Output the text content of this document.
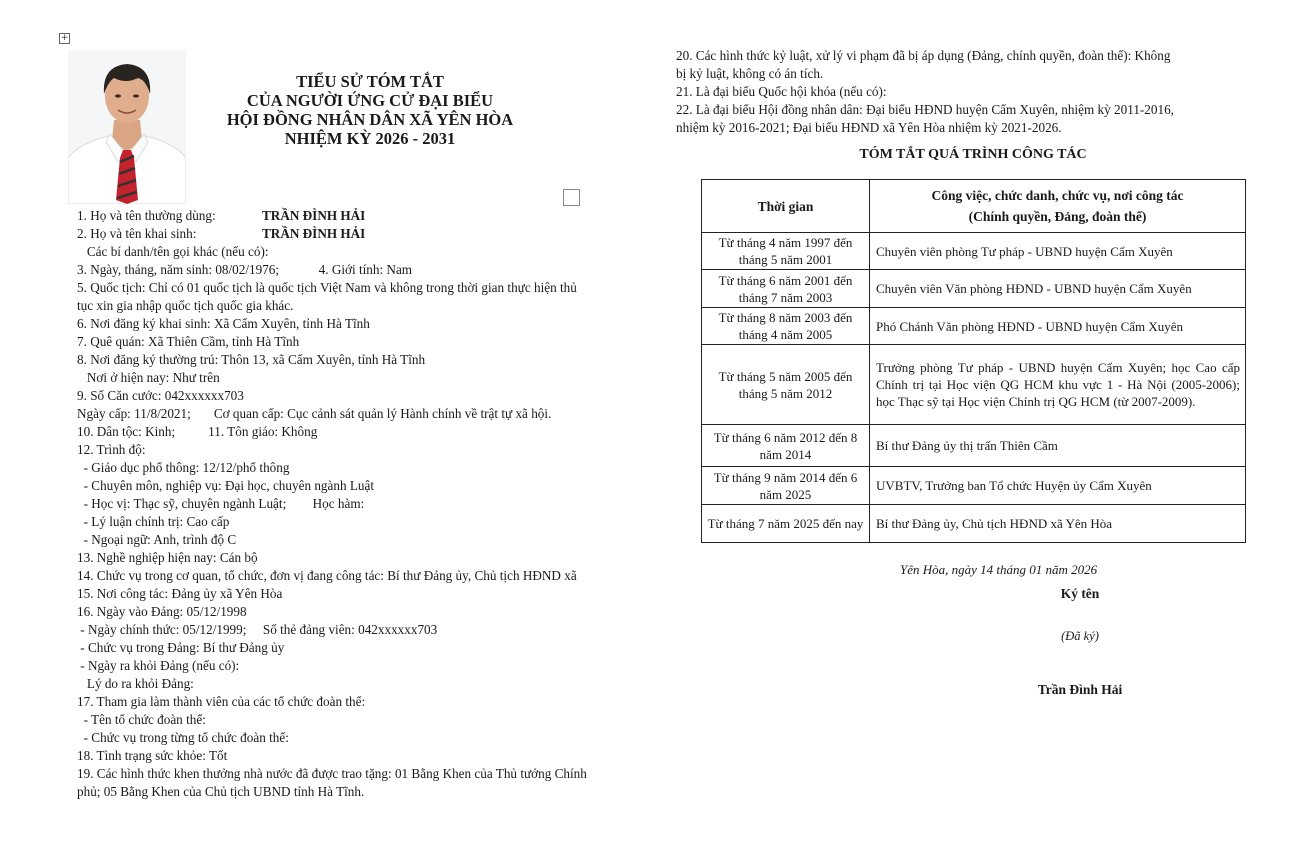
+
TIỂU SỬ TÓM TẮT
CỦA NGƯỜI ỨNG CỬ ĐẠI BIỂU
HỘI ĐỒNG NHÂN DÂN XÃ YÊN HÒA
NHIỆM KỲ 2026 - 2031
1. Họ và tên thường dùng:	TRẦN ĐÌNH HẢI
2. Họ và tên khai sinh:	TRẦN ĐÌNH HẢI
Các bí danh/tên gọi khác (nếu có):
3. Ngày, tháng, năm sinh: 08/02/1976;            4. Giới tính: Nam
5. Quốc tịch: Chỉ có 01 quốc tịch là quốc tịch Việt Nam và không trong thời gian thực hiện thủ
tục xin gia nhập quốc tịch quốc gia khác.
6. Nơi đăng ký khai sinh: Xã Cẩm Xuyên, tỉnh Hà Tĩnh
7. Quê quán: Xã Thiên Cầm, tỉnh Hà Tĩnh
8. Nơi đăng ký thường trú: Thôn 13, xã Cẩm Xuyên, tỉnh Hà Tĩnh
Nơi ở hiện nay: Như trên
9. Số Căn cước: 042xxxxxx703
Ngày cấp: 11/8/2021;       Cơ quan cấp: Cục cảnh sát quản lý Hành chính về trật tự xã hội.
10. Dân tộc: Kinh;          11. Tôn giáo: Không
12. Trình độ:
- Giáo dục phổ thông: 12/12/phổ thông
- Chuyên môn, nghiệp vụ: Đại học, chuyên ngành Luật
- Học vị: Thạc sỹ, chuyên ngành Luật;        Học hàm:
- Lý luận chính trị: Cao cấp
- Ngoại ngữ: Anh, trình độ C
13. Nghề nghiệp hiện nay: Cán bộ
14. Chức vụ trong cơ quan, tổ chức, đơn vị đang công tác: Bí thư Đảng ủy, Chủ tịch HĐND xã
15. Nơi công tác: Đảng ủy xã Yên Hòa
16. Ngày vào Đảng: 05/12/1998
- Ngày chính thức: 05/12/1999;     Số thẻ đảng viên: 042xxxxxx703
- Chức vụ trong Đảng: Bí thư Đảng ủy
- Ngày ra khỏi Đảng (nếu có):
Lý do ra khỏi Đảng:
17. Tham gia làm thành viên của các tổ chức đoàn thể:
- Tên tổ chức đoàn thể:
- Chức vụ trong từng tổ chức đoàn thể:
18. Tình trạng sức khỏe: Tốt
19. Các hình thức khen thưởng nhà nước đã được trao tặng: 01 Bằng Khen của Thủ tướng Chính
phủ; 05 Bằng Khen của Chủ tịch UBND tỉnh Hà Tĩnh.
20. Các hình thức kỷ luật, xử lý vi phạm đã bị áp dụng (Đảng, chính quyền, đoàn thể): Không
bị kỷ luật, không có án tích.
21. Là đại biểu Quốc hội khóa (nếu có):
22. Là đại biểu Hội đồng nhân dân: Đại biểu HĐND huyện Cẩm Xuyên, nhiệm kỳ 2011-2016,
nhiệm kỳ 2016-2021; Đại biểu HĐND xã Yên Hòa nhiệm kỳ 2021-2026.
TÓM TẮT QUÁ TRÌNH CÔNG TÁC
Thời gian	Công việc, chức danh, chức vụ, nơi công tác
(Chính quyền, Đảng, đoàn thể)

Từ tháng 4 năm 1997 đến tháng 5 năm 2001	Chuyên viên phòng Tư pháp - UBND huyện Cẩm Xuyên
Từ tháng 6 năm 2001 đến tháng 7 năm 2003	Chuyên viên Văn phòng HĐND - UBND huyện Cẩm Xuyên
Từ tháng 8 năm 2003 đến tháng 4 năm 2005	Phó Chánh Văn phòng HĐND - UBND huyện Cẩm Xuyên
Từ tháng 5 năm 2005 đến tháng 5 năm 2012	Trưởng phòng Tư pháp - UBND huyện Cẩm Xuyên; học Cao cấp Chính trị tại Học viện QG HCM khu vực 1 - Hà Nội (2005-2006); học Thạc sỹ tại Học viện Chính trị QG HCM (từ 2007-2009).
Từ tháng 6 năm 2012 đến 8 năm 2014	Bí thư Đảng ủy thị trấn Thiên Cầm
Từ tháng 9 năm 2014 đến 6 năm 2025	UVBTV, Trưởng ban Tổ chức Huyện ủy Cẩm Xuyên
Từ tháng 7 năm 2025 đến nay	Bí thư Đảng ủy, Chủ tịch HĐND xã Yên Hòa
Yên Hòa, ngày 14 tháng 01 năm 2026
Ký tên
(Đã ký)
Trần Đình Hải
